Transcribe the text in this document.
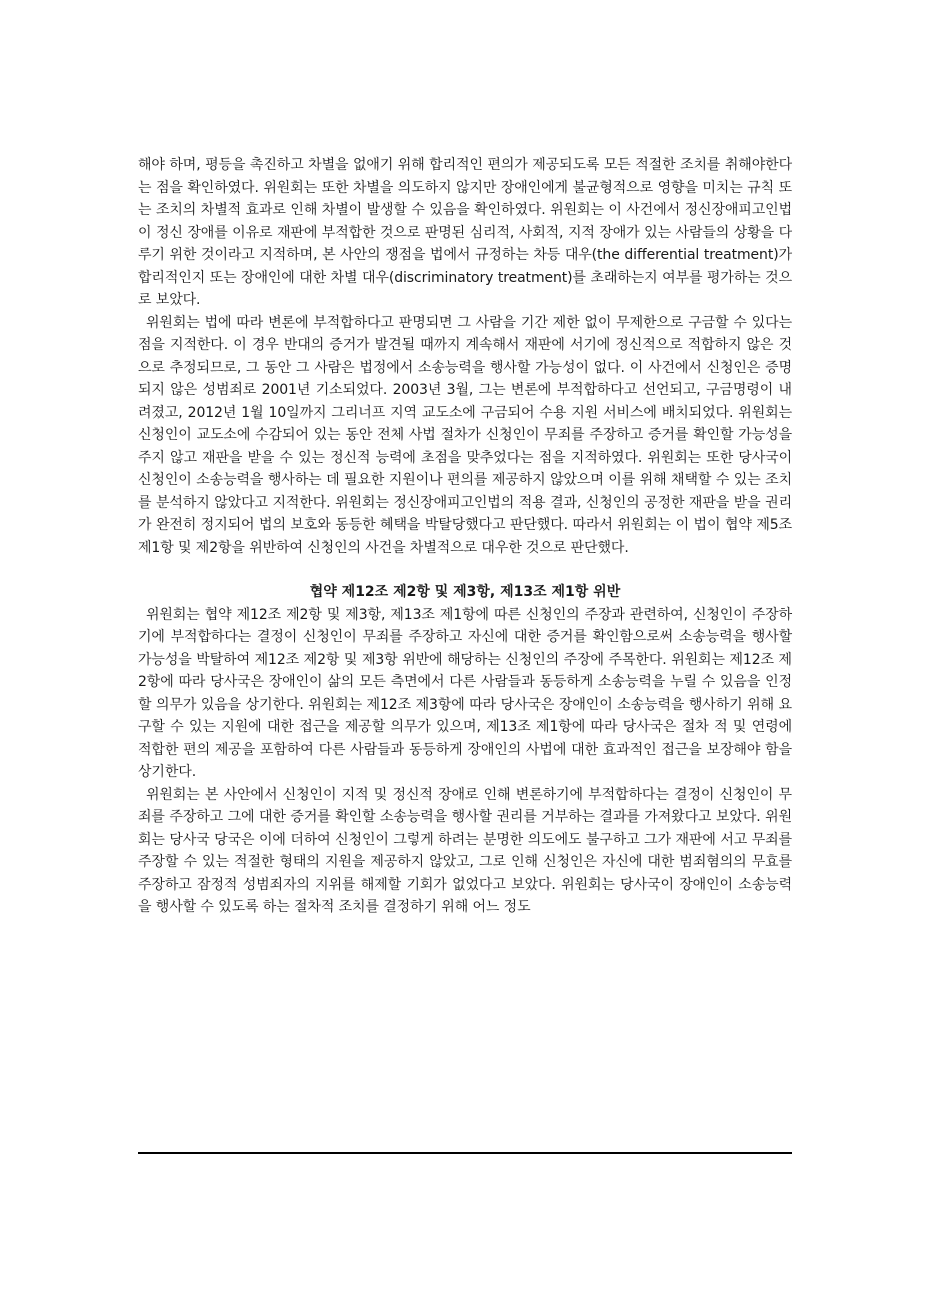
해야 하며, 평등을 촉진하고 차별을 없애기 위해 합리적인 편의가 제공되도록 모든 적절한 조치를 취해야한다는 점을 확인하였다. 위원회는 또한 차별을 의도하지 않지만 장애인에게 불균형적으로 영향을 미치는 규칙 또는 조치의 차별적 효과로 인해 차별이 발생할 수 있음을 확인하였다. 위원회는 이 사건에서 정신장애피고인법이 정신 장애를 이유로 재판에 부적합한 것으로 판명된 심리적, 사회적, 지적 장애가 있는 사람들의 상황을 다루기 위한 것이라고 지적하며, 본 사안의 쟁점을 법에서 규정하는 차등 대우(the differential treatment)가 합리적인지 또는 장애인에 대한 차별 대우(discriminatory treatment)를 초래하는지 여부를 평가하는 것으로 보았다.

위원회는 법에 따라 변론에 부적합하다고 판명되면 그 사람을 기간 제한 없이 무제한으로 구금할 수 있다는 점을 지적한다. 이 경우 반대의 증거가 발견될 때까지 계속해서 재판에 서기에 정신적으로 적합하지 않은 것으로 추정되므로, 그 동안 그 사람은 법정에서 소송능력을 행사할 가능성이 없다. 이 사건에서 신청인은 증명되지 않은 성범죄로 2001년 기소되었다. 2003년 3월, 그는 변론에 부적합하다고 선언되고, 구금명령이 내려졌고, 2012년 1월 10일까지 그리너프 지역 교도소에 구금되어 수용 지원 서비스에 배치되었다. 위원회는 신청인이 교도소에 수감되어 있는 동안 전체 사법 절차가 신청인이 무죄를 주장하고 증거를 확인할 가능성을 주지 않고 재판을 받을 수 있는 정신적 능력에 초점을 맞추었다는 점을 지적하였다. 위원회는 또한 당사국이 신청인이 소송능력을 행사하는 데 필요한 지원이나 편의를 제공하지 않았으며 이를 위해 채택할 수 있는 조치를 분석하지 않았다고 지적한다. 위원회는 정신장애피고인법의 적용 결과, 신청인의 공정한 재판을 받을 권리가 완전히 정지되어 법의 보호와 동등한 혜택을 박탈당했다고 판단했다. 따라서 위원회는 이 법이 협약 제5조 제1항 및 제2항을 위반하여 신청인의 사건을 차별적으로 대우한 것으로 판단했다.

협약 제12조 제2항 및 제3항, 제13조 제1항 위반

위원회는 협약 제12조 제2항 및 제3항, 제13조 제1항에 따른 신청인의 주장과 관련하여, 신청인이 주장하기에 부적합하다는 결정이 신청인이 무죄를 주장하고 자신에 대한 증거를 확인함으로써 소송능력을 행사할 가능성을 박탈하여 제12조 제2항 및 제3항 위반에 해당하는 신청인의 주장에 주목한다. 위원회는 제12조 제2항에 따라 당사국은 장애인이 삶의 모든 측면에서 다른 사람들과 동등하게 소송능력을 누릴 수 있음을 인정할 의무가 있음을 상기한다. 위원회는 제12조 제3항에 따라 당사국은 장애인이 소송능력을 행사하기 위해 요구할 수 있는 지원에 대한 접근을 제공할 의무가 있으며, 제13조 제1항에 따라 당사국은 절차 적 및 연령에 적합한 편의 제공을 포함하여 다른 사람들과 동등하게 장애인의 사법에 대한 효과적인 접근을 보장해야 함을 상기한다.

위원회는 본 사안에서 신청인이 지적 및 정신적 장애로 인해 변론하기에 부적합하다는 결정이 신청인이 무죄를 주장하고 그에 대한 증거를 확인할 소송능력을 행사할 권리를 거부하는 결과를 가져왔다고 보았다. 위원회는 당사국 당국은 이에 더하여 신청인이 그렇게 하려는 분명한 의도에도 불구하고 그가 재판에 서고 무죄를 주장할 수 있는 적절한 형태의 지원을 제공하지 않았고, 그로 인해 신청인은 자신에 대한 범죄혐의의 무효를 주장하고 잠정적 성범죄자의 지위를 해제할 기회가 없었다고 보았다. 위원회는 당사국이 장애인이 소송능력을 행사할 수 있도록 하는 절차적 조치를 결정하기 위해 어느 정도
